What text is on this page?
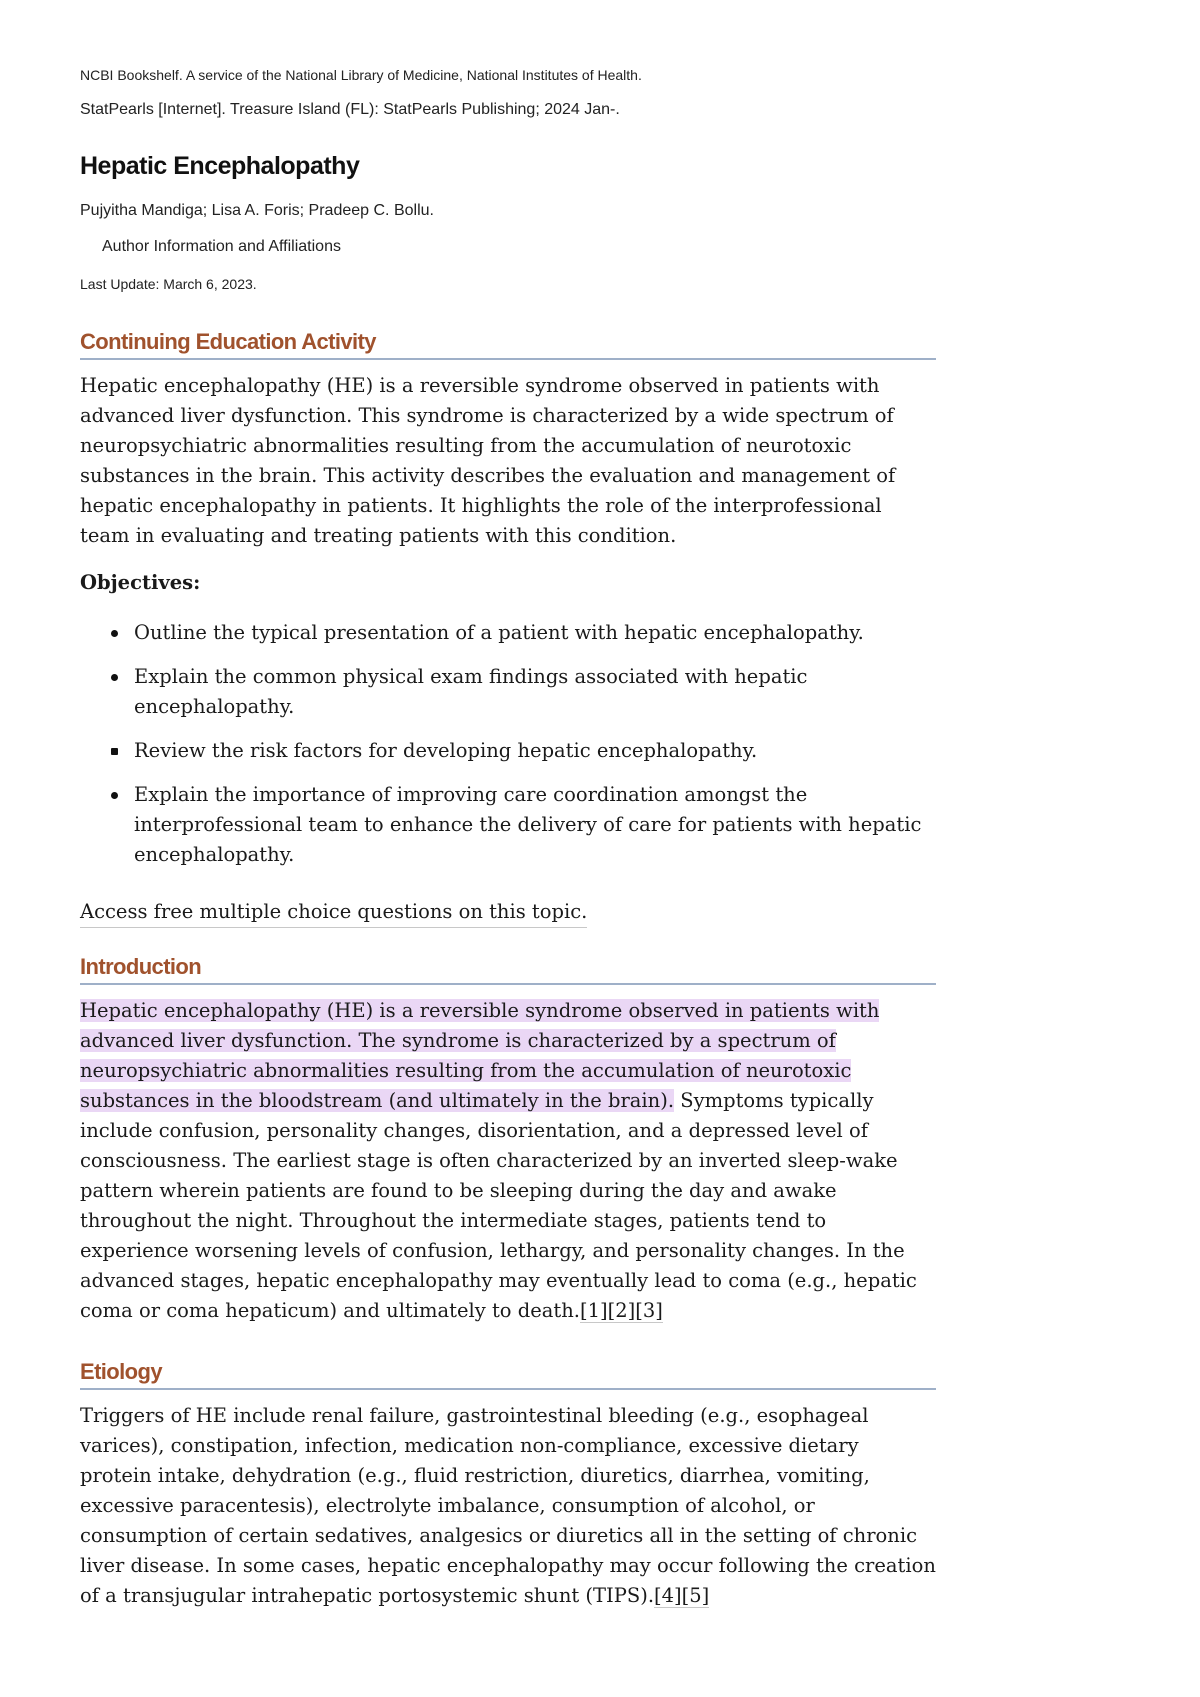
NCBI Bookshelf. A service of the National Library of Medicine, National Institutes of Health.
StatPearls [Internet]. Treasure Island (FL): StatPearls Publishing; 2024 Jan-.
Hepatic Encephalopathy
Pujyitha Mandiga; Lisa A. Foris; Pradeep C. Bollu.
Author Information and Affiliations
Last Update: March 6, 2023.
Continuing Education Activity

Hepatic encephalopathy (HE) is a reversible syndrome observed in patients with advanced liver dysfunction. This syndrome is characterized by a wide spectrum of neuropsychiatric abnormalities resulting from the accumulation of neurotoxic substances in the brain. This activity describes the evaluation and management of hepatic encephalopathy in patients. It highlights the role of the interprofessional team in evaluating and treating patients with this condition.

Objectives:

Outline the typical presentation of a patient with hepatic encephalopathy.
Explain the common physical exam findings associated with hepatic encephalopathy.
Review the risk factors for developing hepatic encephalopathy.
Explain the importance of improving care coordination amongst the interprofessional team to enhance the delivery of care for patients with hepatic encephalopathy.
Access free multiple choice questions on this topic.
Introduction

Hepatic encephalopathy (HE) is a reversible syndrome observed in patients with advanced liver dysfunction. The syndrome is characterized by a spectrum of neuropsychiatric abnormalities resulting from the accumulation of neurotoxic substances in the bloodstream (and ultimately in the brain). Symptoms typically include confusion, personality changes, disorientation, and a depressed level of consciousness. The earliest stage is often characterized by an inverted sleep-wake pattern wherein patients are found to be sleeping during the day and awake throughout the night. Throughout the intermediate stages, patients tend to experience worsening levels of confusion, lethargy, and personality changes. In the advanced stages, hepatic encephalopathy may eventually lead to coma (e.g., hepatic coma or coma hepaticum) and ultimately to death.[1][2][3]

Etiology

Triggers of HE include renal failure, gastrointestinal bleeding (e.g., esophageal varices), constipation, infection, medication non-compliance, excessive dietary protein intake, dehydration (e.g., fluid restriction, diuretics, diarrhea, vomiting, excessive paracentesis), electrolyte imbalance, consumption of alcohol, or consumption of certain sedatives, analgesics or diuretics all in the setting of chronic liver disease. In some cases, hepatic encephalopathy may occur following the creation of a transjugular intrahepatic portosystemic shunt (TIPS).[4][5]
